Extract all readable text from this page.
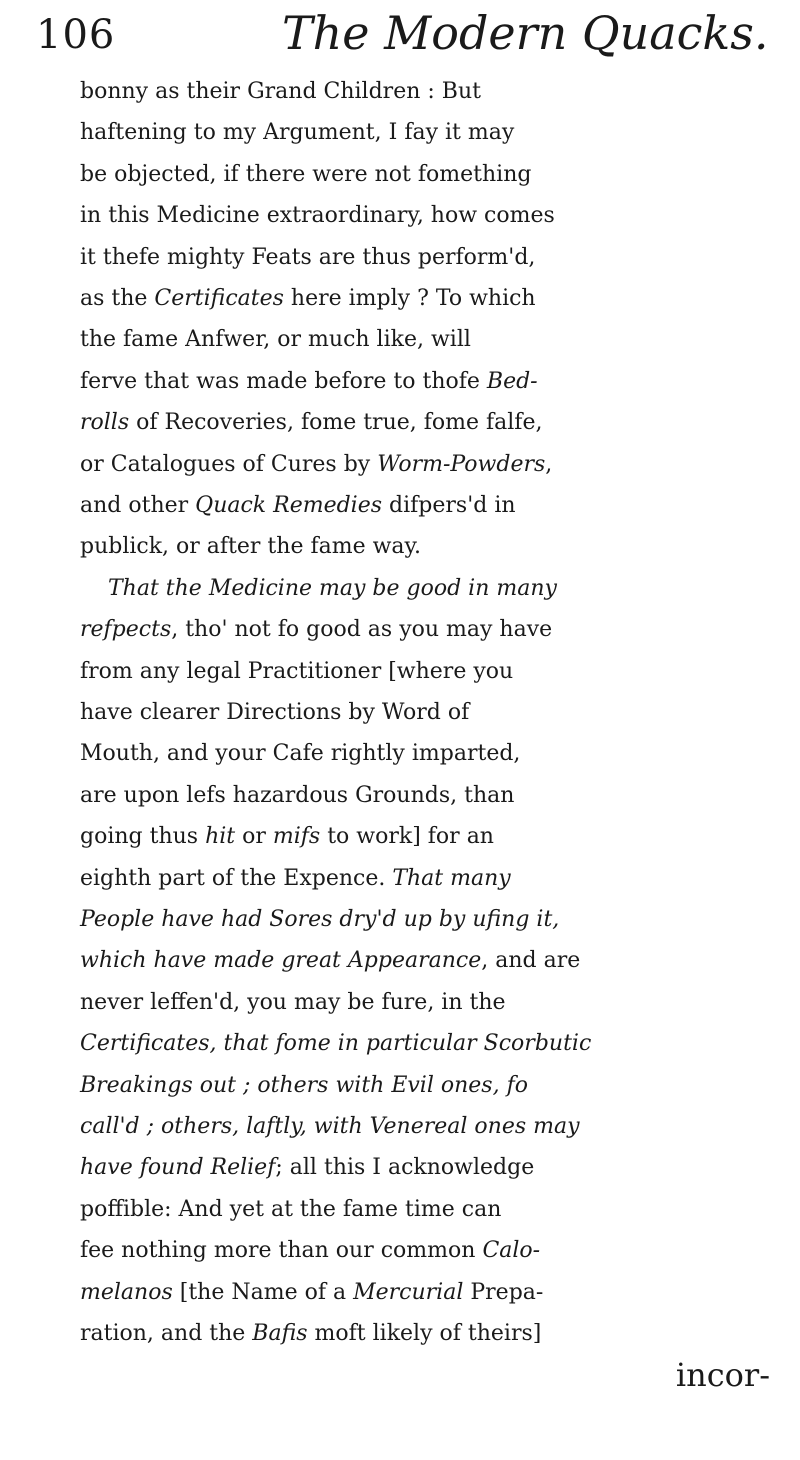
106	The Modern Quacks.
bonny as their Grand Children : But
haftening to my Argument, I fay it may
be objected, if there were not fomething
in this Medicine extraordinary, how comes
it thefe mighty Feats are thus perform'd,
as the Certificates here imply ? To which
the fame Anfwer, or much like, will
ferve that was made before to thofe Bed-
rolls of Recoveries, fome true, fome falfe,
or Catalogues of Cures by Worm-Powders,
and other Quack Remedies difpers'd in
publick, or after the fame way.
That the Medicine may be good in many
refpects, tho' not fo good as you may have
from any legal Practitioner [where you
have clearer Directions by Word of
Mouth, and your Cafe rightly imparted,
are upon lefs hazardous Grounds, than
going thus hit or mifs to work] for an
eighth part of the Expence. That many
People have had Sores dry'd up by ufing it,
which have made great Appearance, and are
never leffen'd, you may be fure, in the
Certificates, that fome in particular Scorbutic
Breakings out ; others with Evil ones, fo
call'd ; others, laftly, with Venereal ones may
have found Relief; all this I acknowledge
poffible: And yet at the fame time can
fee nothing more than our common Calo-
melanos [the Name of a Mercurial Prepa-
ration, and the Bafis moft likely of theirs]
incor-
